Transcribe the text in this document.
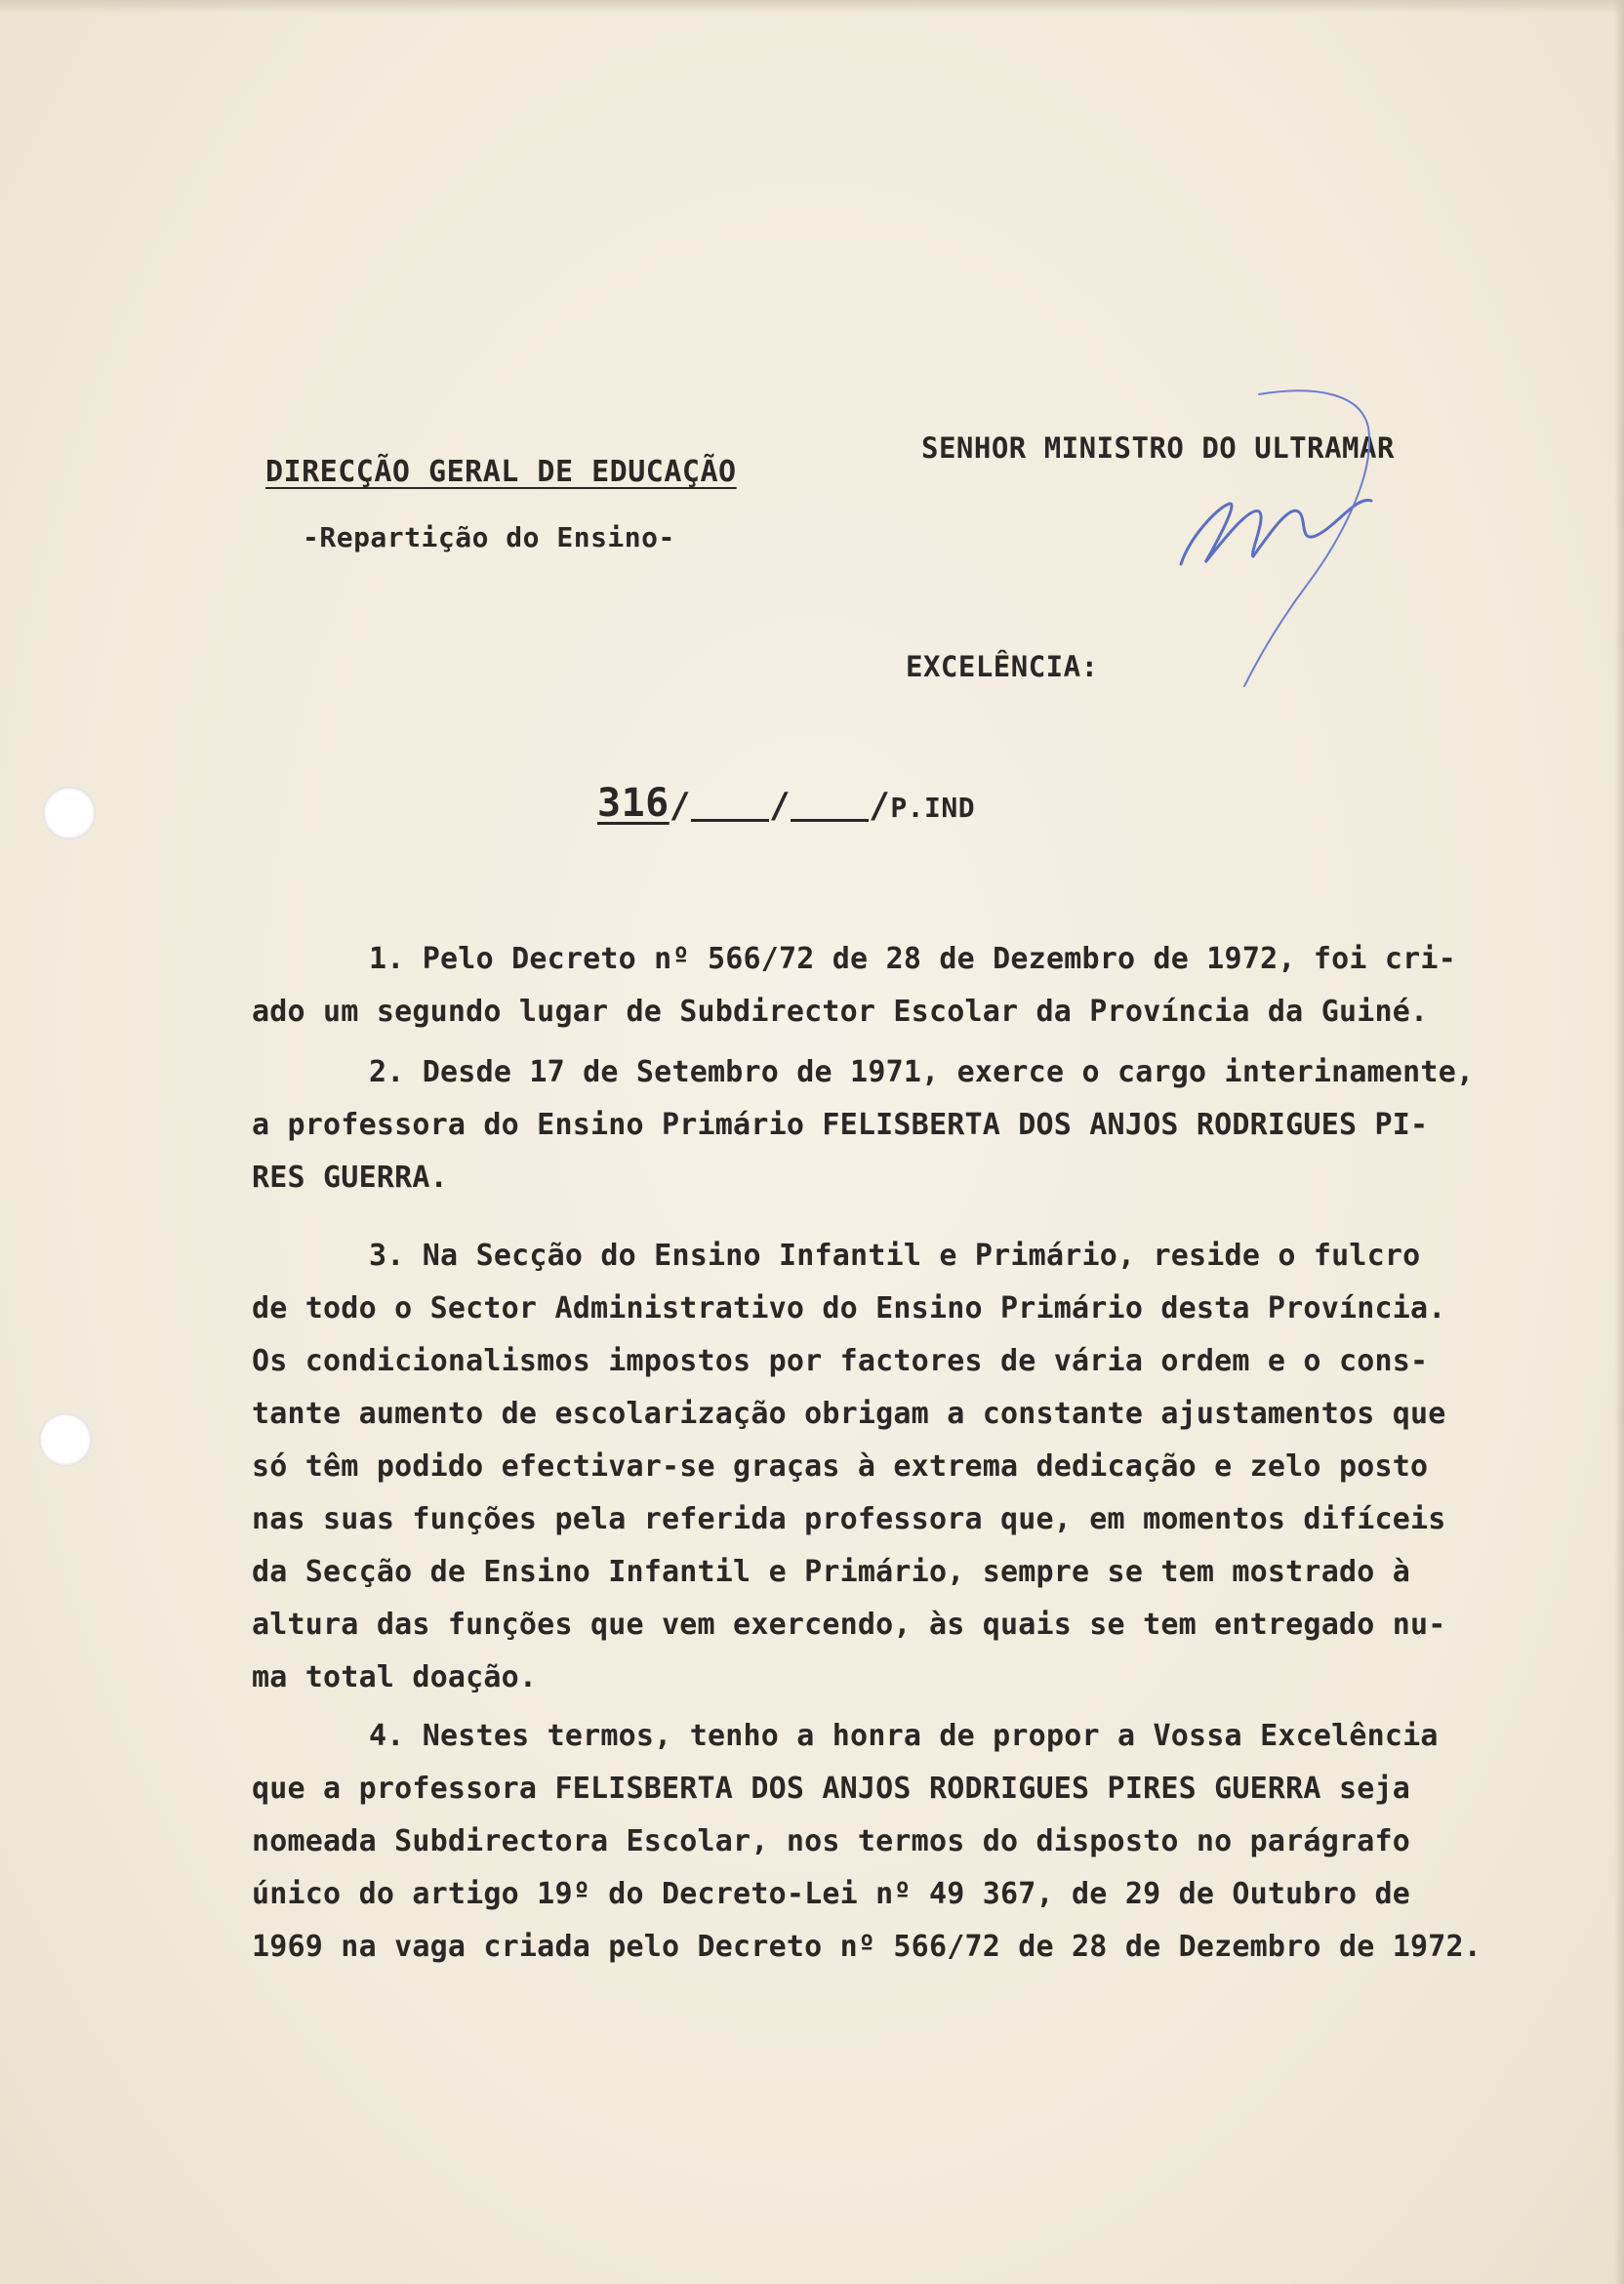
DIRECÇÃO GERAL DE EDUCAÇÃO
-Repartição do Ensino-
SENHOR MINISTRO DO ULTRAMAR
EXCELÊNCIA:
316 / / / P.IND
1. Pelo Decreto nº 566/72 de 28 de Dezembro de 1972, foi cri-
ado um segundo lugar de Subdirector Escolar da Província da Guiné.
2. Desde 17 de Setembro de 1971, exerce o cargo interinamente,
a professora do Ensino Primário FELISBERTA DOS ANJOS RODRIGUES PI-
RES GUERRA.
3. Na Secção do Ensino Infantil e Primário, reside o fulcro
de todo o Sector Administrativo do Ensino Primário desta Província.
Os condicionalismos impostos por factores de vária ordem e o cons-
tante aumento de escolarização obrigam a constante ajustamentos que
só têm podido efectivar-se graças à extrema dedicação e zelo posto
nas suas funções pela referida professora que, em momentos difíceis
da Secção de Ensino Infantil e Primário, sempre se tem mostrado à
altura das funções que vem exercendo, às quais se tem entregado nu-
ma total doação.
4. Nestes termos, tenho a honra de propor a Vossa Excelência
que a professora FELISBERTA DOS ANJOS RODRIGUES PIRES GUERRA seja
nomeada Subdirectora Escolar, nos termos do disposto no parágrafo
único do artigo 19º do Decreto-Lei nº 49 367, de 29 de Outubro de
1969 na vaga criada pelo Decreto nº 566/72 de 28 de Dezembro de 1972.
